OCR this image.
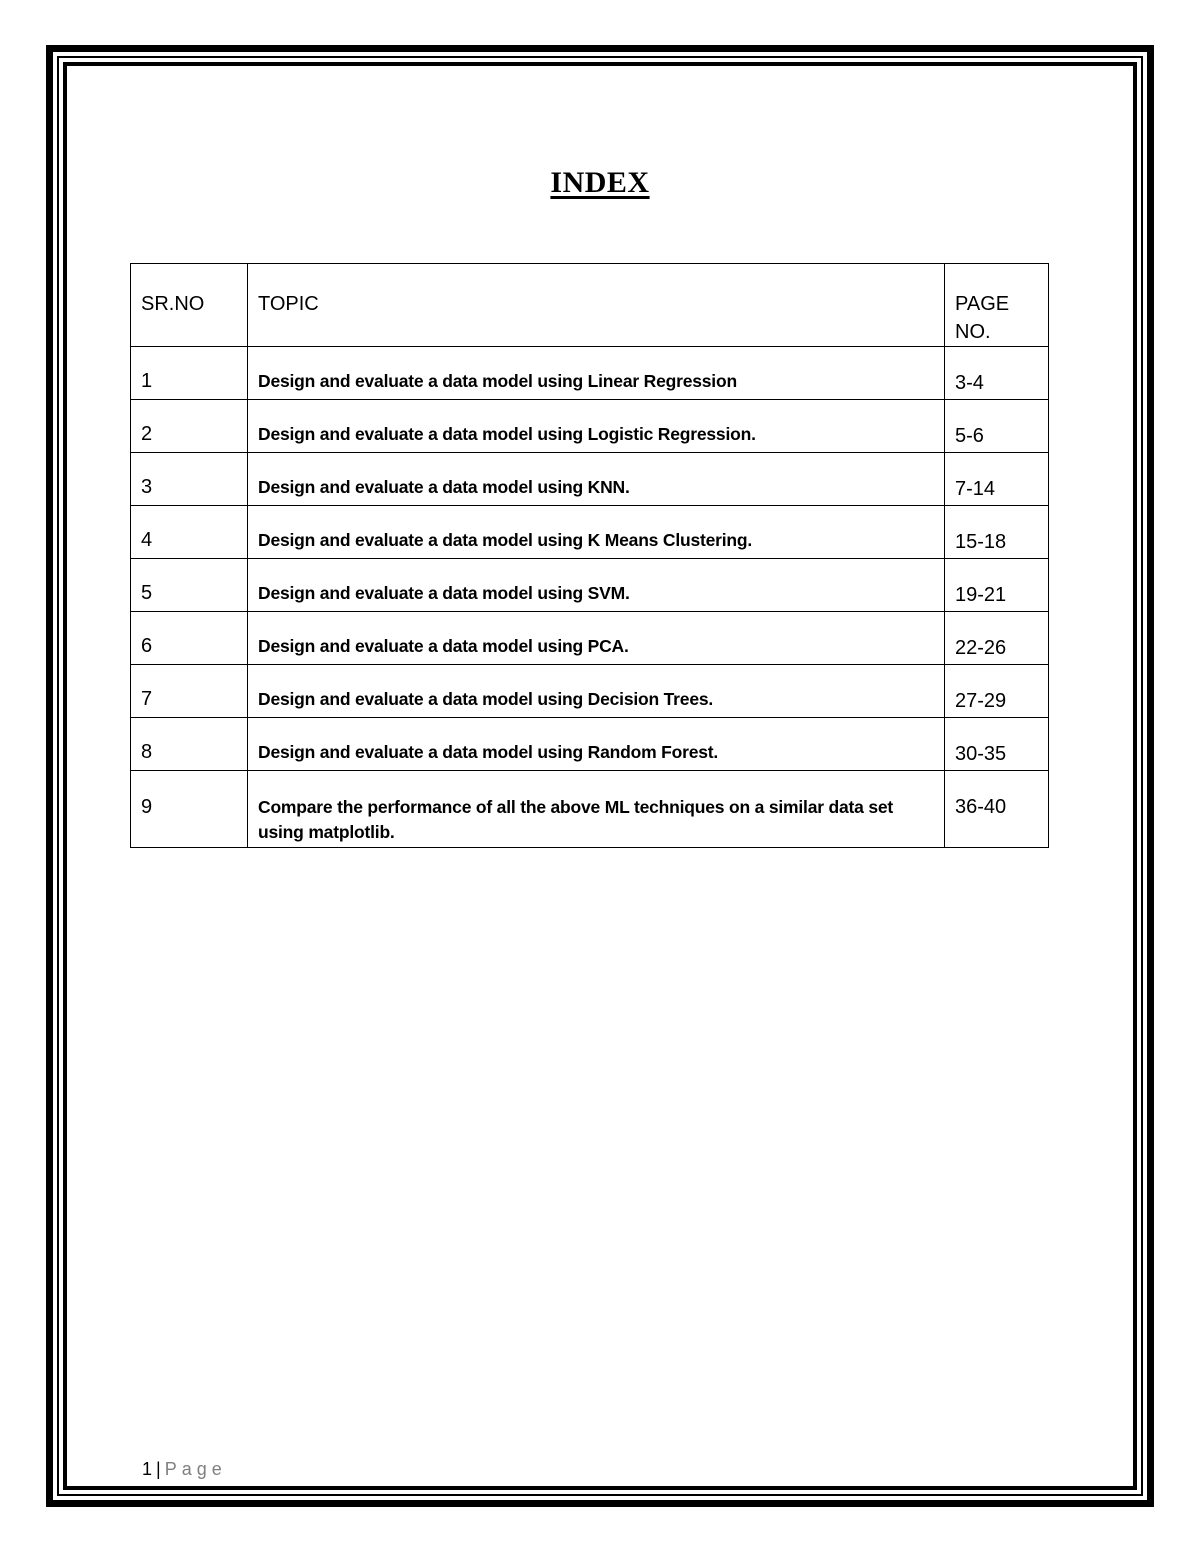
INDEX
SR.NO	TOPIC	PAGE NO.
1	Design and evaluate a data model using Linear Regression	3-4
2	Design and evaluate a data model using Logistic Regression.	5-6
3	Design and evaluate a data model using KNN.	7-14
4	Design and evaluate a data model using K Means Clustering.	15-18
5	Design and evaluate a data model using SVM.	19-21
6	Design and evaluate a data model using PCA.	22-26
7	Design and evaluate a data model using Decision Trees.	27-29
8	Design and evaluate a data model using Random Forest.	30-35
9	Compare the performance of all the above ML techniques on a similar data set using matplotlib.	36-40
1 | Page
